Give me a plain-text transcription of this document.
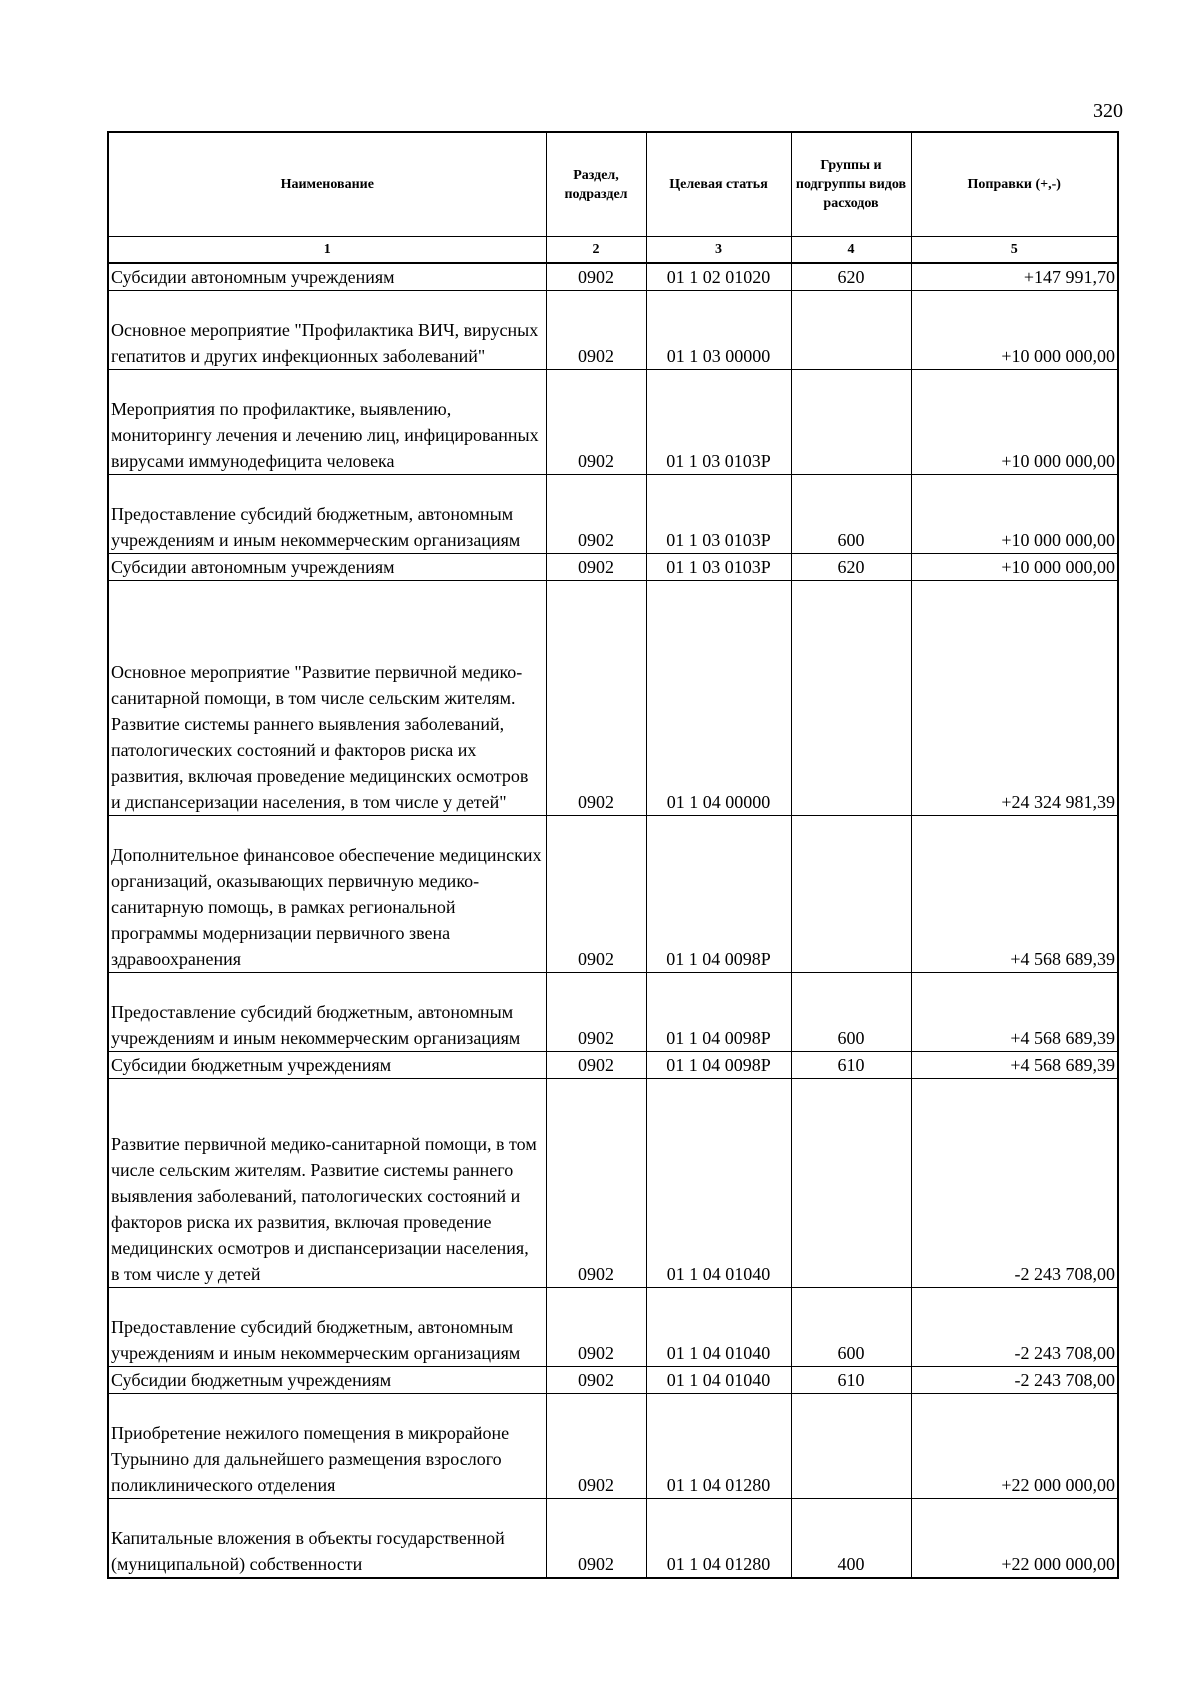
320
Наименование	Раздел, подраздел	Целевая статья	Группы и подгруппы видов расходов	Поправки (+,-)
1	2	3	4	5
Субсидии автономным учреждениям	0902	01 1 02 01020	620	+147 991,70
Основное мероприятие "Профилактика ВИЧ, вирусных гепатитов и других инфекционных заболеваний"	0902	01 1 03 00000		+10 000 000,00
Мероприятия по профилактике, выявлению, мониторингу лечения и лечению лиц, инфицированных вирусами иммунодефицита человека	0902	01 1 03 0103Р		+10 000 000,00
Предоставление субсидий бюджетным, автономным учреждениям и иным некоммерческим организациям	0902	01 1 03 0103Р	600	+10 000 000,00
Субсидии автономным учреждениям	0902	01 1 03 0103Р	620	+10 000 000,00
Основное мероприятие "Развитие первичной медико-санитарной помощи, в том числе сельским жителям. Развитие системы раннего выявления заболеваний, патологических состояний и факторов риска их развития, включая проведение медицинских осмотров и диспансеризации населения, в том числе у детей"	0902	01 1 04 00000		+24 324 981,39
Дополнительное финансовое обеспечение медицинских организаций, оказывающих первичную медико-санитарную помощь, в рамках региональной программы модернизации первичного звена здравоохранения	0902	01 1 04 0098Р		+4 568 689,39
Предоставление субсидий бюджетным, автономным учреждениям и иным некоммерческим организациям	0902	01 1 04 0098Р	600	+4 568 689,39
Субсидии бюджетным учреждениям	0902	01 1 04 0098Р	610	+4 568 689,39
Развитие первичной медико-санитарной помощи, в том числе сельским жителям. Развитие системы раннего выявления заболеваний, патологических состояний и факторов риска их развития, включая проведение медицинских осмотров и диспансеризации населения, в том числе у детей	0902	01 1 04 01040		-2 243 708,00
Предоставление субсидий бюджетным, автономным учреждениям и иным некоммерческим организациям	0902	01 1 04 01040	600	-2 243 708,00
Субсидии бюджетным учреждениям	0902	01 1 04 01040	610	-2 243 708,00
Приобретение нежилого помещения в микрорайоне Турынино для дальнейшего размещения взрослого поликлинического отделения	0902	01 1 04 01280		+22 000 000,00
Капитальные вложения в объекты государственной (муниципальной) собственности	0902	01 1 04 01280	400	+22 000 000,00
